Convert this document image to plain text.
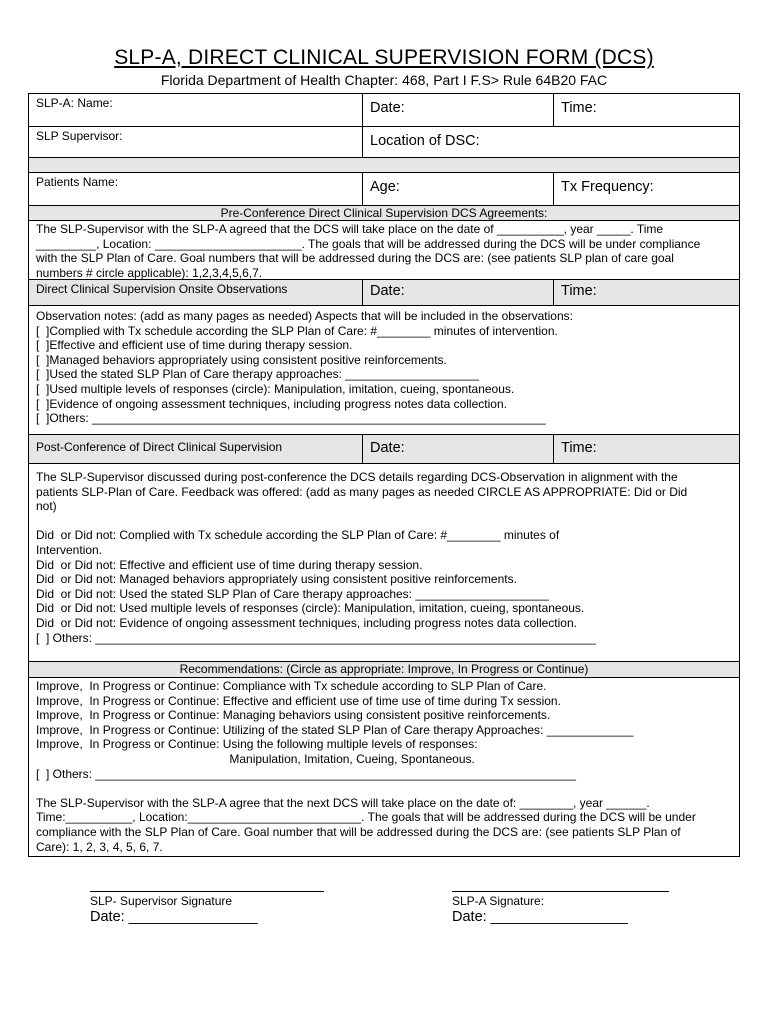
SLP-A, DIRECT CLINICAL SUPERVISION FORM (DCS)
Florida Department of Health Chapter: 468, Part I F.S> Rule 64B20 FAC
SLP-A: Name:	Date:	Time:
SLP Supervisor:	Location of DSC:
Patients Name:	Age:	Tx Frequency:
Pre-Conference Direct Clinical Supervision DCS Agreements:
The SLP-Supervisor with the SLP-A agreed that the DCS will take place on the date of __________, year _____. Time
_________, Location: ______________________. The goals that will be addressed during the DCS will be under compliance
with the SLP Plan of Care. Goal numbers that will be addressed during the DCS are: (see patients SLP plan of care goal
numbers # circle applicable): 1,2,3,4,5,6,7.
Direct Clinical Supervision Onsite Observations	Date:	Time:
Observation notes: (add as many pages as needed) Aspects that will be included in the observations:
[  ]Complied with Tx schedule according the SLP Plan of Care: #________ minutes of intervention.
[  ]Effective and efficient use of time during therapy session.
[  ]Managed behaviors appropriately using consistent positive reinforcements.
[  ]Used the stated SLP Plan of Care therapy approaches: ____________________
[  ]Used multiple levels of responses (circle): Manipulation, imitation, cueing, spontaneous.
[  ]Evidence of ongoing assessment techniques, including progress notes data collection.
[  ]Others: ____________________________________________________________________
Post-Conference of Direct Clinical Supervision	Date:	Time:
The SLP-Supervisor discussed during post-conference the DCS details regarding DCS-Observation in alignment with the
patients SLP-Plan of Care. Feedback was offered: (add as many pages as needed CIRCLE AS APPROPRIATE: Did or Did
not)
Did  or Did not: Complied with Tx schedule according the SLP Plan of Care: #________ minutes of
Intervention.
Did  or Did not: Effective and efficient use of time during therapy session.
Did  or Did not: Managed behaviors appropriately using consistent positive reinforcements.
Did  or Did not: Used the stated SLP Plan of Care therapy approaches: ____________________
Did  or Did not: Used multiple levels of responses (circle): Manipulation, imitation, cueing, spontaneous.
Did  or Did not: Evidence of ongoing assessment techniques, including progress notes data collection.
[  ] Others: ___________________________________________________________________________
Recommendations: (Circle as appropriate: Improve, In Progress or Continue)
Improve,  In Progress or Continue: Compliance with Tx schedule according to SLP Plan of Care.
Improve,  In Progress or Continue: Effective and efficient use of time use of time during Tx session.
Improve,  In Progress or Continue: Managing behaviors using consistent positive reinforcements.
Improve,  In Progress or Continue: Utilizing of the stated SLP Plan of Care therapy Approaches: _____________
Improve,  In Progress or Continue: Using the following multiple levels of responses:
Manipulation, Imitation, Cueing, Spontaneous.
[  ] Others: ________________________________________________________________________
The SLP-Supervisor with the SLP-A agree that the next DCS will take place on the date of: ________, year ______.
Time:__________, Location:__________________________. The goals that will be addressed during the DCS will be under
compliance with the SLP Plan of Care. Goal number that will be addressed during the DCS are: (see patients SLP Plan of
Care): 1, 2, 3, 4, 5, 6, 7.
SLP- Supervisor Signature
Date: ________________
SLP-A Signature:
Date: _________________
